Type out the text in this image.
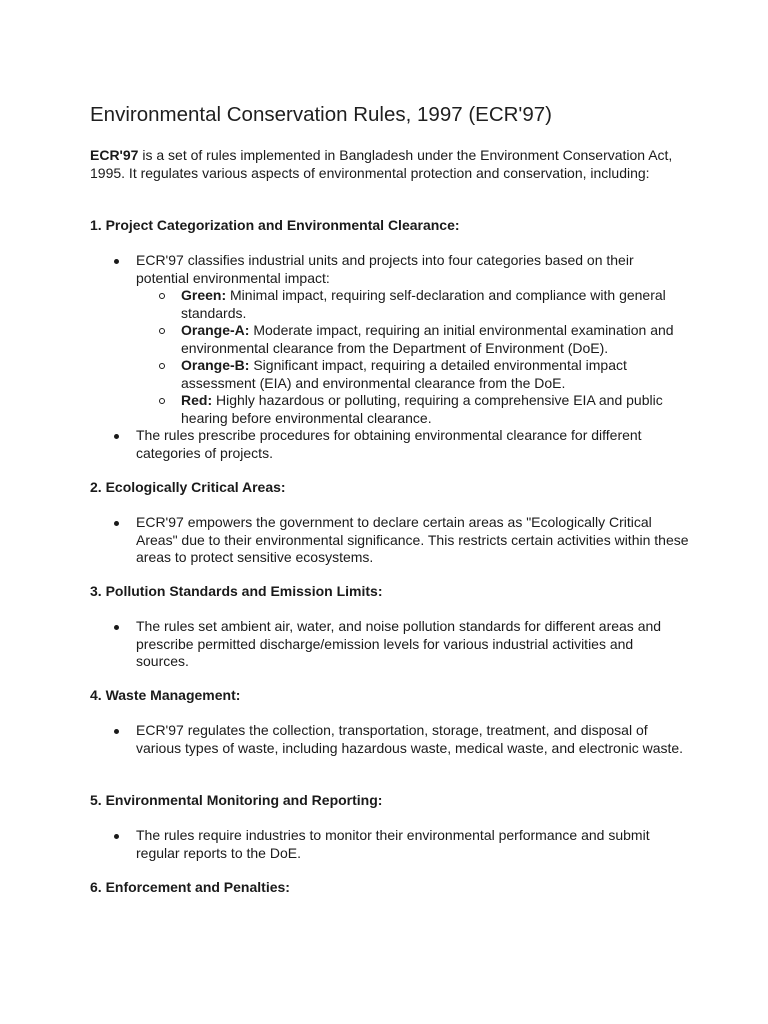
Environmental Conservation Rules, 1997 (ECR'97)

ECR'97 is a set of rules implemented in Bangladesh under the Environment Conservation Act, 1995. It regulates various aspects of environmental protection and conservation, including:

1. Project Categorization and Environmental Clearance:
ECR'97 classifies industrial units and projects into four categories based on their potential environmental impact:
Green: Minimal impact, requiring self-declaration and compliance with general standards.
Orange-A: Moderate impact, requiring an initial environmental examination and environmental clearance from the Department of Environment (DoE).
Orange-B: Significant impact, requiring a detailed environmental impact assessment (EIA) and environmental clearance from the DoE.
Red: Highly hazardous or polluting, requiring a comprehensive EIA and public hearing before environmental clearance.
The rules prescribe procedures for obtaining environmental clearance for different categories of projects.
2. Ecologically Critical Areas:
ECR'97 empowers the government to declare certain areas as "Ecologically Critical Areas" due to their environmental significance. This restricts certain activities within these areas to protect sensitive ecosystems.
3. Pollution Standards and Emission Limits:
The rules set ambient air, water, and noise pollution standards for different areas and prescribe permitted discharge/emission levels for various industrial activities and sources.
4. Waste Management:
ECR'97 regulates the collection, transportation, storage, treatment, and disposal of various types of waste, including hazardous waste, medical waste, and electronic waste.
5. Environmental Monitoring and Reporting:
The rules require industries to monitor their environmental performance and submit regular reports to the DoE.
6. Enforcement and Penalties:
